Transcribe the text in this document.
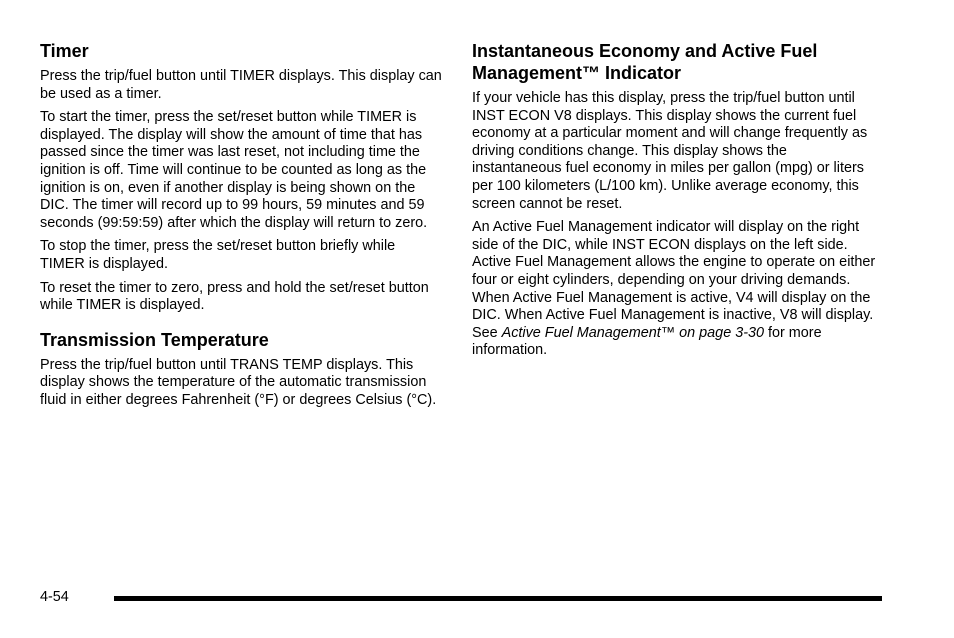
Timer

Press the trip/fuel button until TIMER displays. This display can be used as a timer.

To start the timer, press the set/reset button while TIMER is displayed. The display will show the amount of time that has passed since the timer was last reset, not including time the ignition is off. Time will continue to be counted as long as the ignition is on, even if another display is being shown on the DIC. The timer will record up to 99 hours, 59 minutes and 59 seconds (99:59:59) after which the display will return to zero.

To stop the timer, press the set/reset button briefly while TIMER is displayed.

To reset the timer to zero, press and hold the set/reset button while TIMER is displayed.

Transmission Temperature

Press the trip/fuel button until TRANS TEMP displays. This display shows the temperature of the automatic transmission fluid in either degrees Fahrenheit (°F) or degrees Celsius (°C).

Instantaneous Economy and Active Fuel Management™ Indicator

If your vehicle has this display, press the trip/fuel button until INST ECON V8 displays. This display shows the current fuel economy at a particular moment and will change frequently as driving conditions change. This display shows the instantaneous fuel economy in miles per gallon (mpg) or liters per 100 kilometers (L/100 km). Unlike average economy, this screen cannot be reset.

An Active Fuel Management indicator will display on the right side of the DIC, while INST ECON displays on the left side. Active Fuel Management allows the engine to operate on either four or eight cylinders, depending on your driving demands. When Active Fuel Management is active, V4 will display on the DIC. When Active Fuel Management is inactive, V8 will display. See Active Fuel Management™ on page 3-30 for more information.

4-54
